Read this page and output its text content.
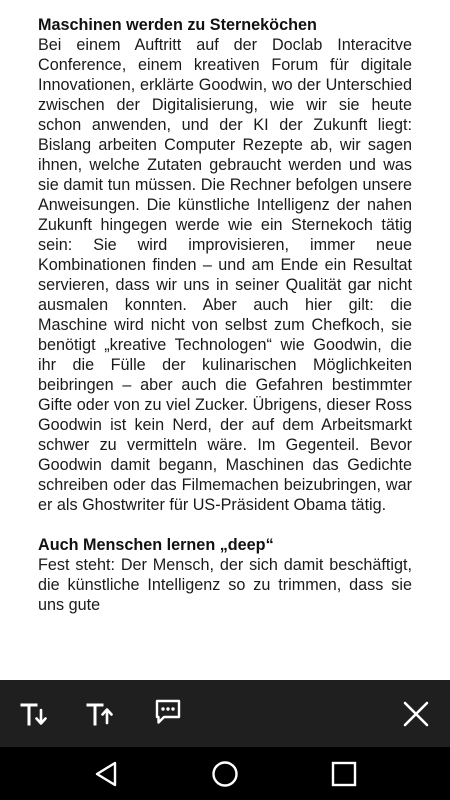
Maschinen werden zu Sterneköchen

Bei einem Auftritt auf der Doclab Interacitve Conference, einem kreativen Forum für digitale Innovationen, erklärte Goodwin, wo der Unterschied zwischen der Digitalisierung, wie wir sie heute schon anwenden, und der KI der Zukunft liegt: Bislang arbeiten Computer Rezepte ab, wir sagen ihnen, welche Zutaten gebraucht werden und was sie damit tun müssen. Die Rechner befolgen unsere Anweisungen. Die künstliche Intelligenz der nahen Zukunft hingegen werde wie ein Sternekoch tätig sein: Sie wird improvisieren, immer neue Kombinationen finden – und am Ende ein Resultat servieren, dass wir uns in seiner Qualität gar nicht ausmalen konnten. Aber auch hier gilt: die Maschine wird nicht von selbst zum Chefkoch, sie benötigt „kreative Technologen“ wie Goodwin, die ihr die Fülle der kulinarischen Möglichkeiten beibringen – aber auch die Gefahren bestimmter Gifte oder von zu viel Zucker. Übrigens, dieser Ross Goodwin ist kein Nerd, der auf dem Arbeitsmarkt schwer zu vermitteln wäre. Im Gegenteil. Bevor Goodwin damit begann, Maschinen das Gedichte schreiben oder das Filmemachen beizubringen, war er als Ghostwriter für US-Präsident Obama tätig.

Auch Menschen lernen „deep“

Fest steht: Der Mensch, der sich damit beschäftigt, die künstliche Intelligenz so zu trimmen, dass sie uns gute
